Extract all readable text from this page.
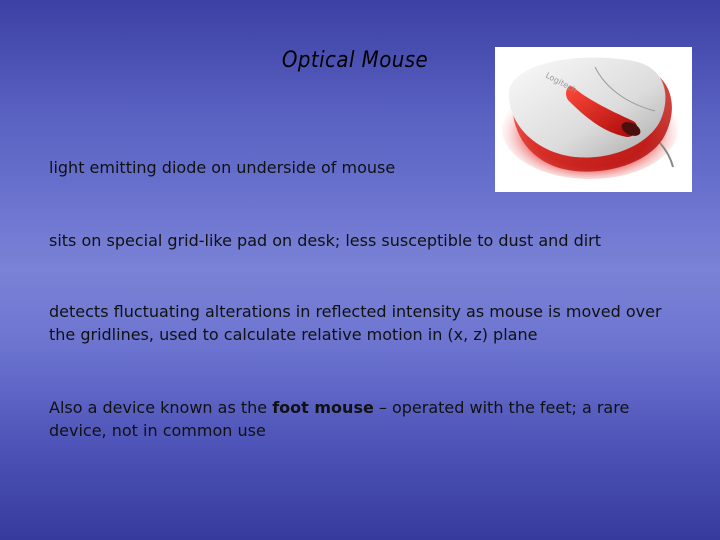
Optical Mouse
Logitech
light emitting diode on underside of mouse
sits on special grid-like pad on desk; less susceptible to dust and dirt
detects fluctuating alterations in reflected intensity as mouse is moved over the gridlines, used to calculate relative motion in (x, z) plane
Also a device known as the foot mouse – operated with the feet; a rare device, not in common use
